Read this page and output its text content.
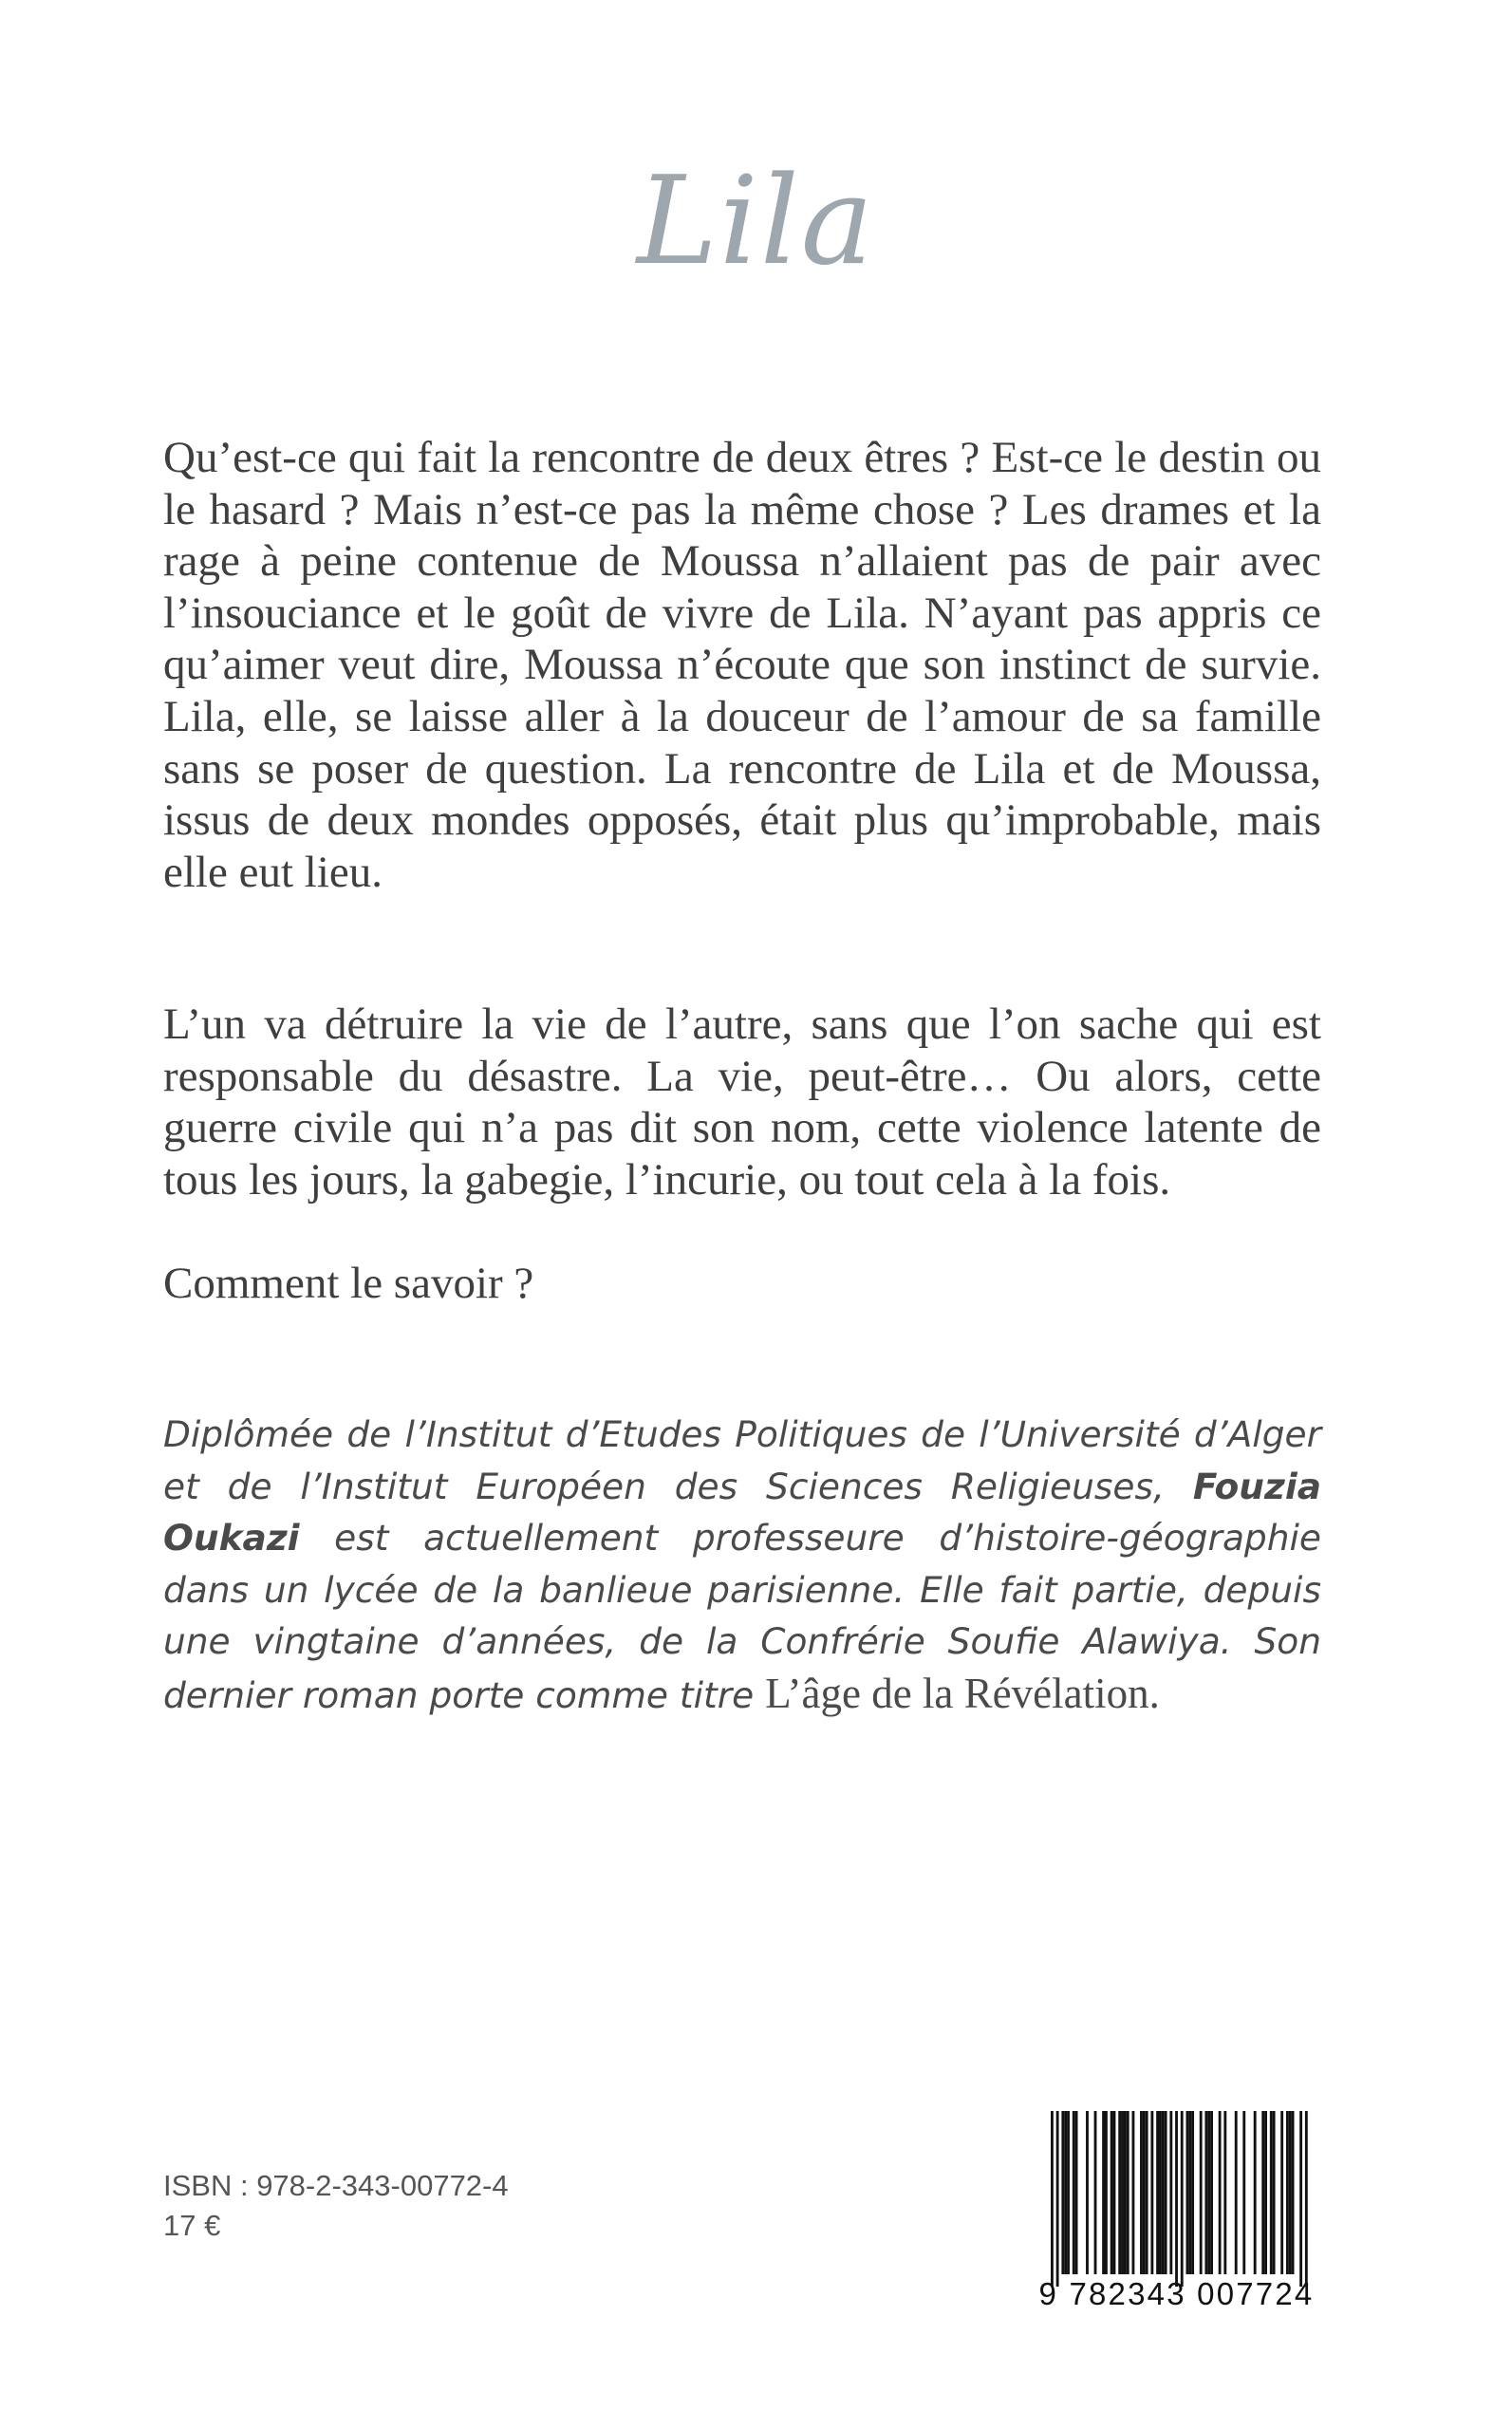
Lila

Qu’est-ce qui fait la rencontre de deux êtres ? Est-ce le destin ou le hasard ? Mais n’est-ce pas la même chose ? Les drames et la rage à peine contenue de Moussa n’allaient pas de pair avec l’insouciance et le goût de vivre de Lila. N’ayant pas appris ce qu’aimer veut dire, Moussa n’écoute que son instinct de survie. Lila, elle, se laisse aller à la douceur de l’amour de sa famille sans se poser de question. La rencontre de Lila et de Moussa, issus de deux mondes opposés, était plus qu’improbable, mais elle eut lieu.

L’un va détruire la vie de l’autre, sans que l’on sache qui est responsable du désastre. La vie, peut-être… Ou alors, cette guerre civile qui n’a pas dit son nom, cette violence latente de tous les jours, la gabegie, l’incurie, ou tout cela à la fois.

Comment le savoir ?
Diplômée de l’Institut d’Etudes Politiques de l’Université d’Alger et de l’Institut Européen des Sciences Religieuses, Fouzia Oukazi est actuellement professeure d’histoire-géographie dans un lycée de la banlieue parisienne. Elle fait partie, depuis une vingtaine d’années, de la Confrérie Soufie Alawiya. Son dernier roman porte comme titre L’âge de la Révélation.
ISBN : 978-2-343-00772-4
17 €
9 782343 007724
